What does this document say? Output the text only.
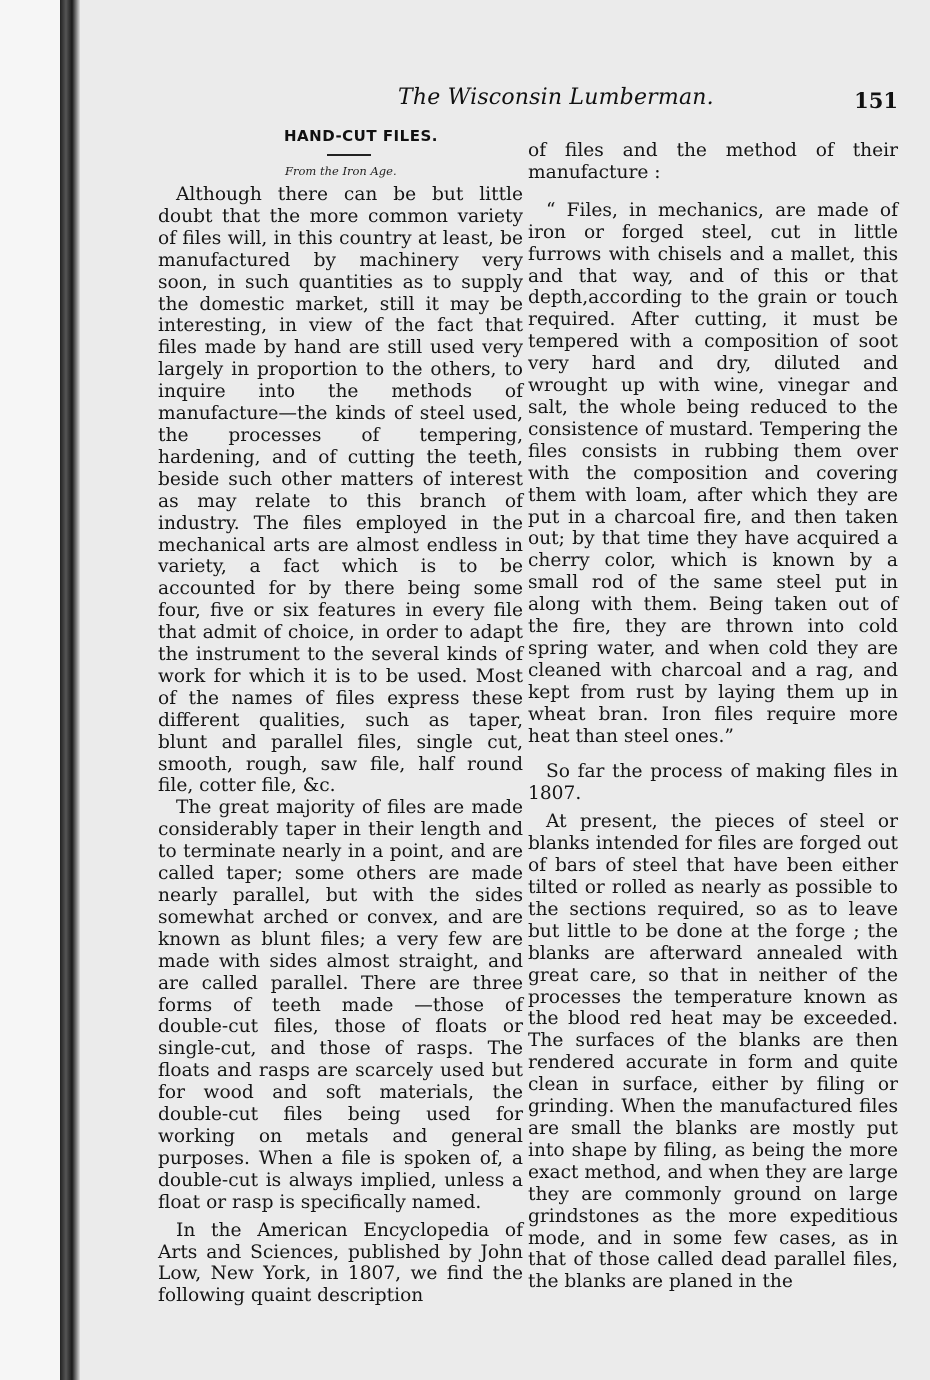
The Wisconsin Lumberman.	151
HAND-CUT FILES.
From the Iron Age.

Although there can be but little doubt that the more common variety of files will, in this country at least, be manufactured by machinery very soon, in such quantities as to supply the domestic market, still it may be interesting, in view of the fact that files made by hand are still used very largely in proportion to the others, to inquire into the methods of manufacture—the kinds of steel used, the processes of tempering, hardening, and of cutting the teeth, beside such other matters of interest as may relate to this branch of industry. The files employed in the mechanical arts are almost endless in variety, a fact which is to be accounted for by there being some four, five or six features in every file that admit of choice, in order to adapt the instrument to the several kinds of work for which it is to be used. Most of the names of files express these different qualities, such as taper, blunt and parallel files, single cut, smooth, rough, saw file, half round file, cotter file, &c.

The great majority of files are made considerably taper in their length and to terminate nearly in a point, and are called taper; some others are made nearly parallel, but with the sides somewhat arched or convex, and are known as blunt files; a very few are made with sides almost straight, and are called parallel. There are three forms of teeth made —those of double-cut files, those of floats or single-cut, and those of rasps. The floats and rasps are scarcely used but for wood and soft materials, the double-cut files being used for working on metals and general purposes. When a file is spoken of, a double-cut is always implied, unless a float or rasp is specifically named.

In the American Encyclopedia of Arts and Sciences, published by John Low, New York, in 1807, we find the following quaint description

of files and the method of their manufacture :

“ Files, in mechanics, are made of iron or forged steel, cut in little furrows with chisels and a mallet, this and that way, and of this or that depth,according to the grain or touch required. After cutting, it must be tempered with a composition of soot very hard and dry, diluted and wrought up with wine, vinegar and salt, the whole being reduced to the consistence of mustard. Tempering the files consists in rubbing them over with the composition and covering them with loam, after which they are put in a charcoal fire, and then taken out; by that time they have acquired a cherry color, which is known by a small rod of the same steel put in along with them. Being taken out of the fire, they are thrown into cold spring water, and when cold they are cleaned with charcoal and a rag, and kept from rust by laying them up in wheat bran. Iron files require more heat than steel ones.”

So far the process of making files in 1807.

At present, the pieces of steel or blanks intended for files are forged out of bars of steel that have been either tilted or rolled as nearly as possible to the sections required, so as to leave but little to be done at the forge ; the blanks are afterward annealed with great care, so that in neither of the processes the temperature known as the blood red heat may be exceeded. The surfaces of the blanks are then rendered accurate in form and quite clean in surface, either by filing or grinding. When the manufactured files are small the blanks are mostly put into shape by filing, as being the more exact method, and when they are large they are commonly ground on large grindstones as the more expeditious mode, and in some few cases, as in that of those called dead parallel files, the blanks are planed in the
